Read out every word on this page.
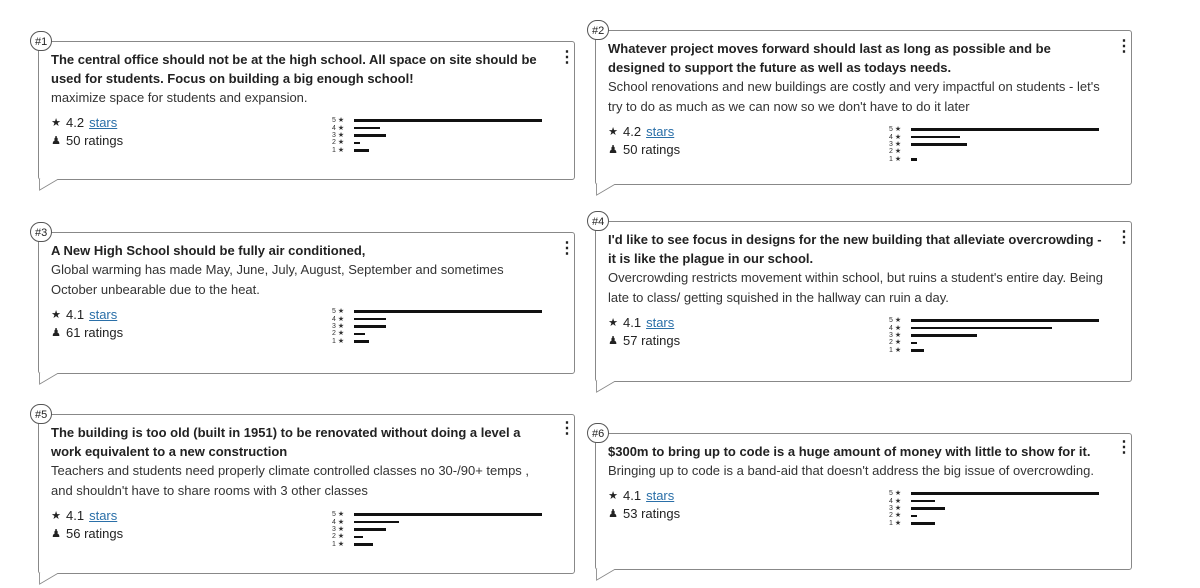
#1

The central office should not be at the high school. All space on site should be used for students. Focus on building a big enough school!

maximize space for students and expansion.

★ 4.2 stars
♟ 50 ratings
5 ★
4 ★
3 ★
2 ★
1 ★
⋮
#2

Whatever project moves forward should last as long as possible and be designed to support the future as well as todays needs.

School renovations and new buildings are costly and very impactful on students - let's try to do as much as we can now so we don't have to do it later

★ 4.2 stars
♟ 50 ratings
5 ★
4 ★
3 ★
2 ★
1 ★
⋮
#3

A New High School should be fully air conditioned,

Global warming has made May, June, July, August, September and sometimes October unbearable due to the heat.

★ 4.1 stars
♟ 61 ratings
5 ★
4 ★
3 ★
2 ★
1 ★
⋮
#4

I'd like to see focus in designs for the new building that alleviate overcrowding - it is like the plague in our school.

Overcrowding restricts movement within school, but ruins a student's entire day. Being late to class/ getting squished in the hallway can ruin a day.

★ 4.1 stars
♟ 57 ratings
5 ★
4 ★
3 ★
2 ★
1 ★
⋮
#5

The building is too old (built in 1951) to be renovated without doing a level a work equivalent to a new construction

Teachers and students need properly climate controlled classes no 30-/90+ temps , and shouldn't have to share rooms with 3 other classes

★ 4.1 stars
♟ 56 ratings
5 ★
4 ★
3 ★
2 ★
1 ★
⋮	#6

$300m to bring up to code is a huge amount of money with little to show for it.

Bringing up to code is a band-aid that doesn't address the big issue of overcrowding.

★ 4.1 stars
♟ 53 ratings
5 ★
4 ★
3 ★
2 ★
1 ★
⋮
